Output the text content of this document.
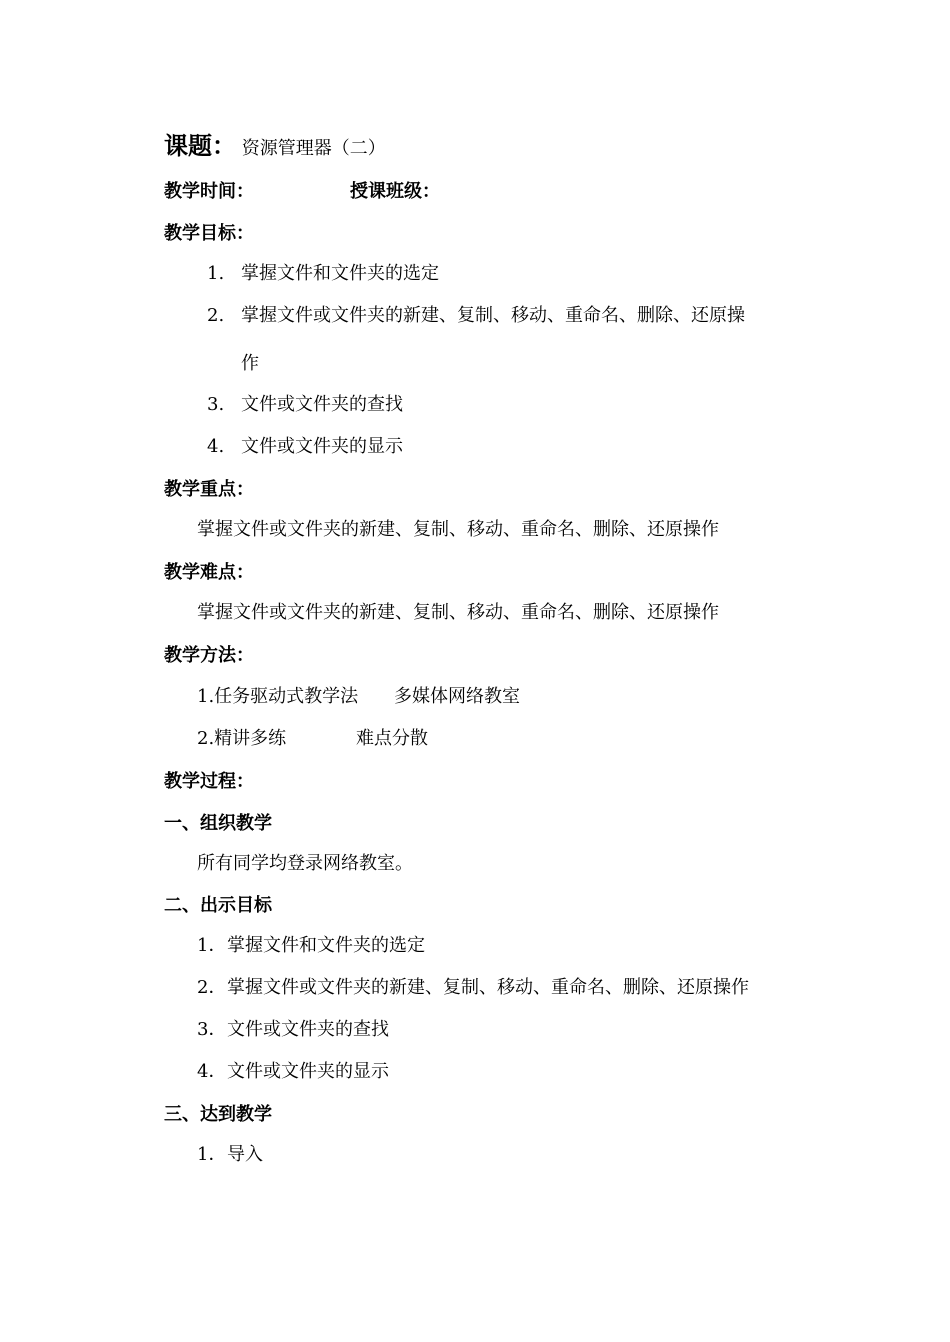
课题： 资源管理器（二）
教学时间：	授课班级：
教学目标：
1. 掌握文件和文件夹的选定
2. 掌握文件或文件夹的新建、复制、移动、重命名、删除、还原操
作
3. 文件或文件夹的查找
4. 文件或文件夹的显示
教学重点：
掌握文件或文件夹的新建、复制、移动、重命名、删除、还原操作
教学难点：
掌握文件或文件夹的新建、复制、移动、重命名、删除、还原操作
教学方法：
1.任务驱动式教学法 多媒体网络教室
2.精讲多练	难点分散
教学过程：
一、组织教学
所有同学均登录网络教室。
二、出示目标
1．掌握文件和文件夹的选定
2．掌握文件或文件夹的新建、复制、移动、重命名、删除、还原操作
3．文件或文件夹的查找
4．文件或文件夹的显示
三、达到教学
1．导入
